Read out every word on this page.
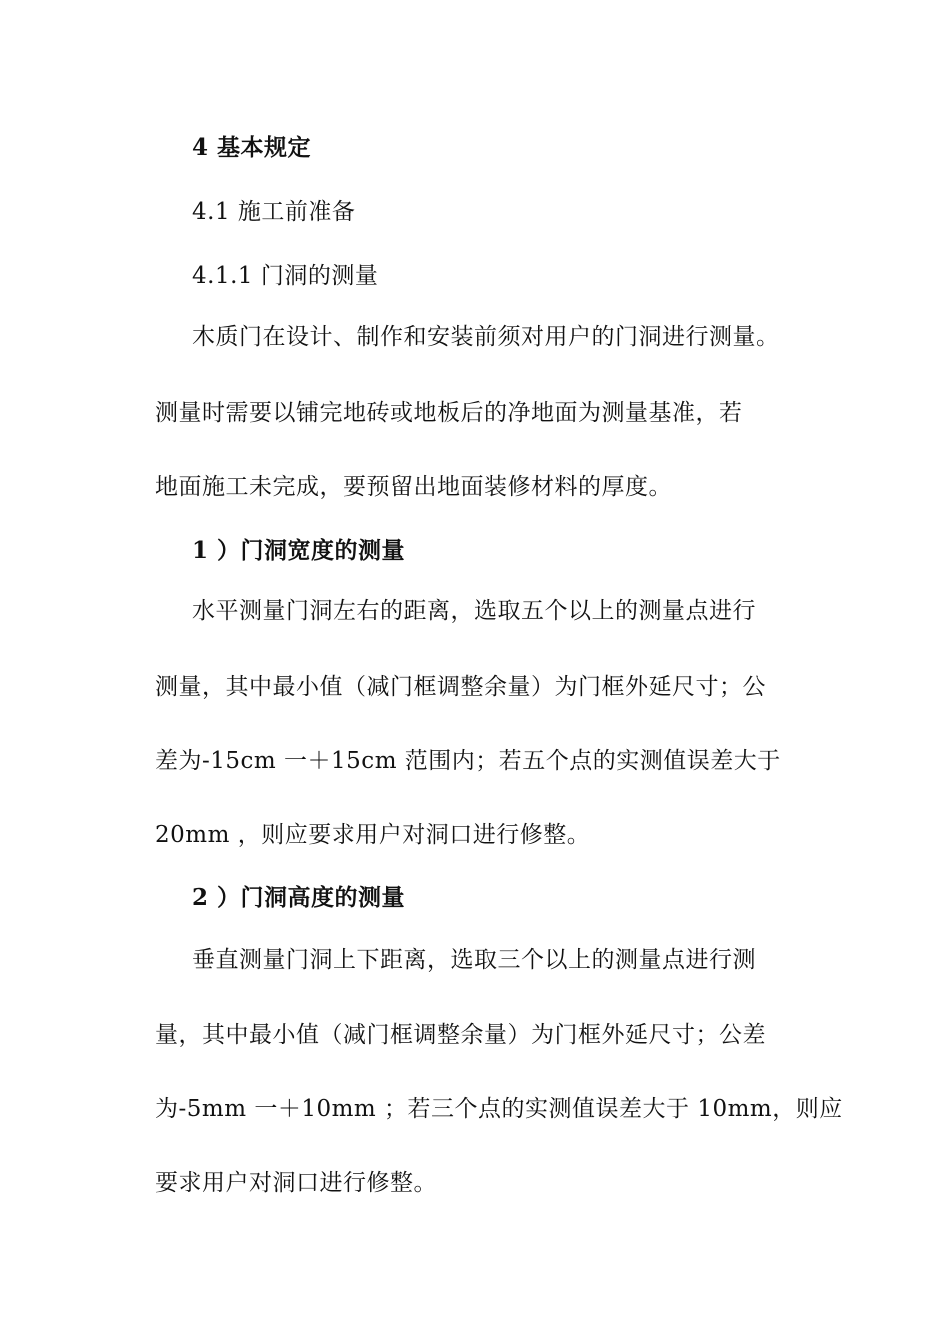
4 基本规定
4.1 施工前准备
4.1.1 门洞的测量
木质门在设计、制作和安装前须对用户的门洞进行测量。
测量时需要以铺完地砖或地板后的净地面为测量基准，若
地面施工未完成，要预留出地面装修材料的厚度。
1 ）门洞宽度的测量
水平测量门洞左右的距离，选取五个以上的测量点进行
测量，其中最小值（减门框调整余量）为门框外延尺寸；公
差为-15cm 一＋15cm 范围内；若五个点的实测值误差大于
20mm ，则应要求用户对洞口进行修整。
2 ）门洞高度的测量
垂直测量门洞上下距离，选取三个以上的测量点进行测
量，其中最小值（减门框调整余量）为门框外延尺寸；公差
为-5mm 一＋10mm ；若三个点的实测值误差大于 10mm，则应
要求用户对洞口进行修整。
